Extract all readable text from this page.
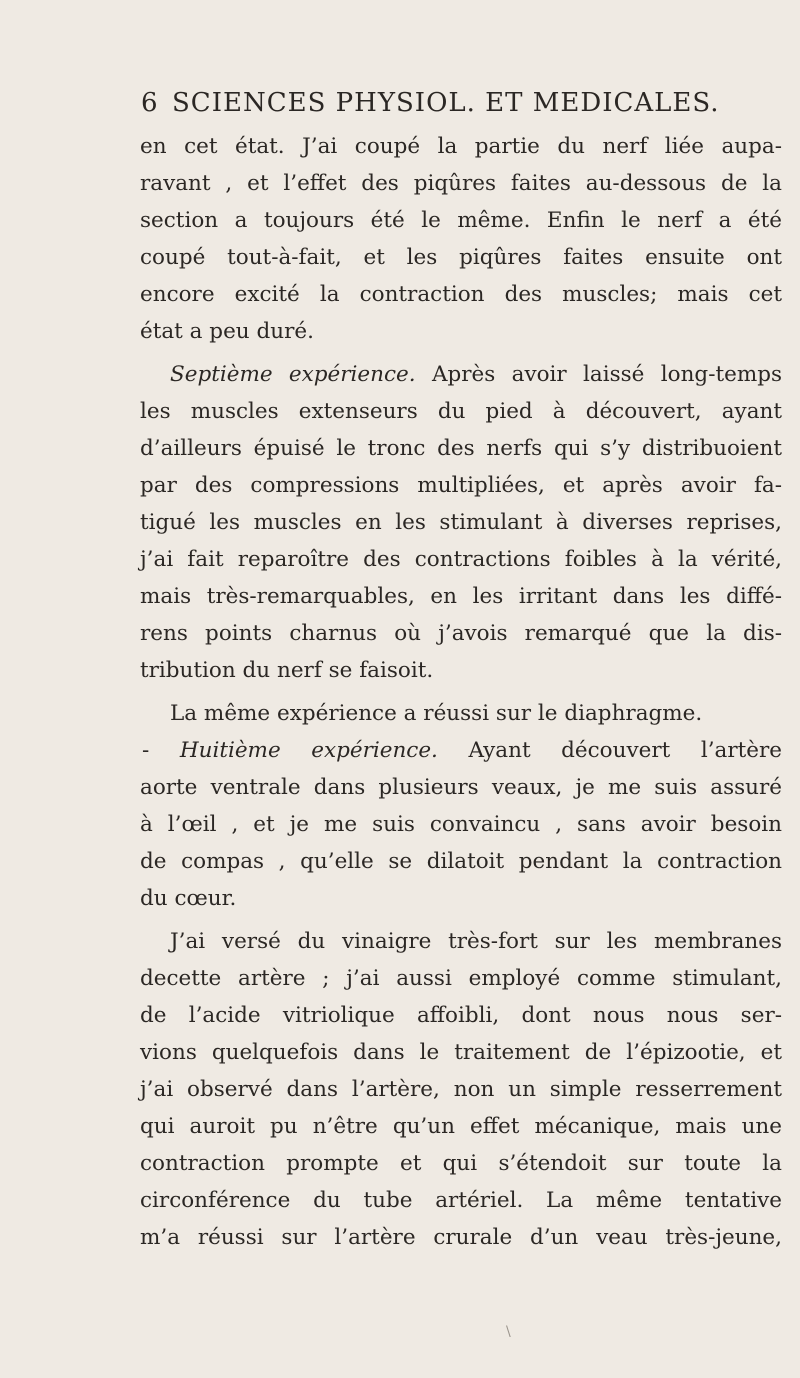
6 SCIENCES PHYSIOL. ET MEDICALES.
en cet état. J’ai coupé la partie du nerf liée aupa-
ravant , et l’effet des piqûres faites au-dessous de la
section a toujours été le même. Enfin le nerf a été
coupé tout-à-fait, et les piqûres faites ensuite ont
encore excité la contraction des muscles; mais cet
état a peu duré.
Septième expérience. Après avoir laissé long-temps
les muscles extenseurs du pied à découvert, ayant
d’ailleurs épuisé le tronc des nerfs qui s’y distribuoient
par des compressions multipliées, et après avoir fa-
tigué les muscles en les stimulant à diverses reprises,
j’ai fait reparoître des contractions foibles à la vérité,
mais très-remarquables, en les irritant dans les diffé-
rens points charnus où j’avois remarqué que la dis-
tribution du nerf se faisoit.
La même expérience a réussi sur le diaphragme.
- Huitième expérience. Ayant découvert l’artère
aorte ventrale dans plusieurs veaux, je me suis assuré
à l’œil , et je me suis convaincu , sans avoir besoin
de compas , qu’elle se dilatoit pendant la contraction
du cœur.
J’ai versé du vinaigre très-fort sur les membranes
decette artère ; j’ai aussi employé comme stimulant,
de l’acide vitriolique affoibli, dont nous nous ser-
vions quelquefois dans le traitement de l’épizootie, et
j’ai observé dans l’artère, non un simple resserrement
qui auroit pu n’être qu’un effet mécanique, mais une
contraction prompte et qui s’étendoit sur toute la
circonférence du tube artériel. La même tentative
m’a réussi sur l’artère crurale d’un veau très-jeune,
\
